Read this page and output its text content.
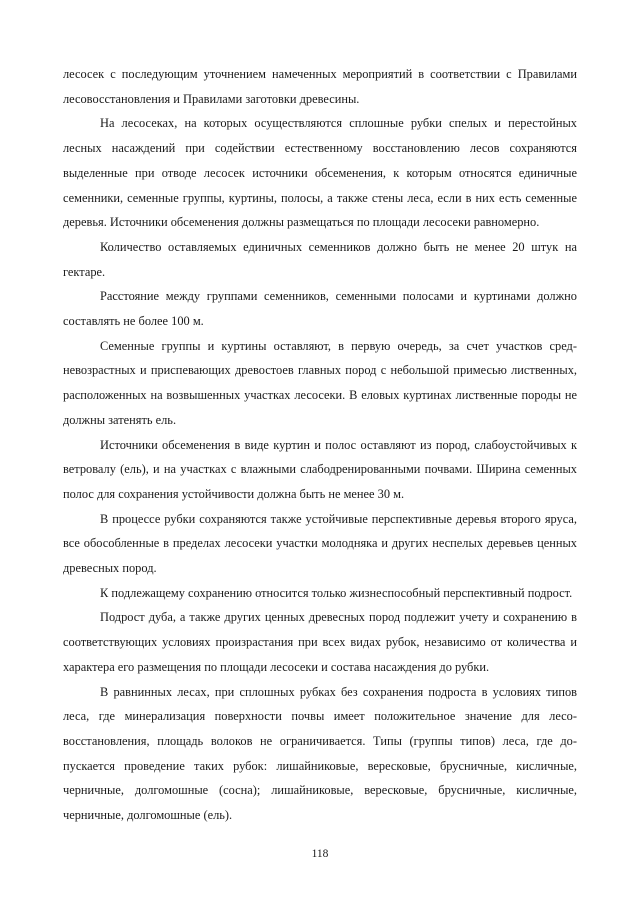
лесосек с последующим уточнением намеченных мероприятий в соответствии с Правилами лесовосстановления и Правилами заготовки древесины.

На лесосеках, на которых осуществляются сплошные рубки спелых и перестойных лесных насаждений при содействии естественному восстановлению лесов сохраняются выделенные при отводе лесосек источники обсеменения, к которым относятся единичные семенники, семенные группы, куртины, полосы, а также стены леса, если в них есть семенные деревья. Источники обсеменения должны размещаться по площади лесосеки равномерно.

Количество оставляемых единичных семенников должно быть не менее 20 штук на гектаре.

Расстояние между группами семенников, семенными полосами и куртинами должно составлять не более 100 м.

Семенные группы и куртины оставляют, в первую очередь, за счет участков средневозрастных и приспевающих древостоев главных пород с небольшой примесью лиственных, расположенных на возвышенных участках лесосеки. В еловых куртинах лиственные породы не должны затенять ель.

Источники обсеменения в виде куртин и полос оставляют из пород, слабоустойчивых к ветровалу (ель), и на участках с влажными слабодренированными почвами. Ширина семенных полос для сохранения устойчивости должна быть не менее 30 м.

В процессе рубки сохраняются также устойчивые перспективные деревья второго яруса, все обособленные в пределах лесосеки участки молодняка и других неспелых деревьев ценных древесных пород.

К подлежащему сохранению относится только жизнеспособный перспективный подрост.

Подрост дуба, а также других ценных древесных пород подлежит учету и сохранению в соответствующих условиях произрастания при всех видах рубок, независимо от количества и характера его размещения по площади лесосеки и состава насаждения до рубки.

В равнинных лесах, при сплошных рубках без сохранения подроста в условиях типов леса, где минерализация поверхности почвы имеет положительное значение для лесовосстановления, площадь волоков не ограничивается. Типы (группы типов) леса, где допускается проведение таких рубок: лишайниковые, вересковые, брусничные, кисличные, черничные, долгомошные (сосна); лишайниковые, вересковые, брусничные, кисличные, черничные, долгомошные (ель).

118
